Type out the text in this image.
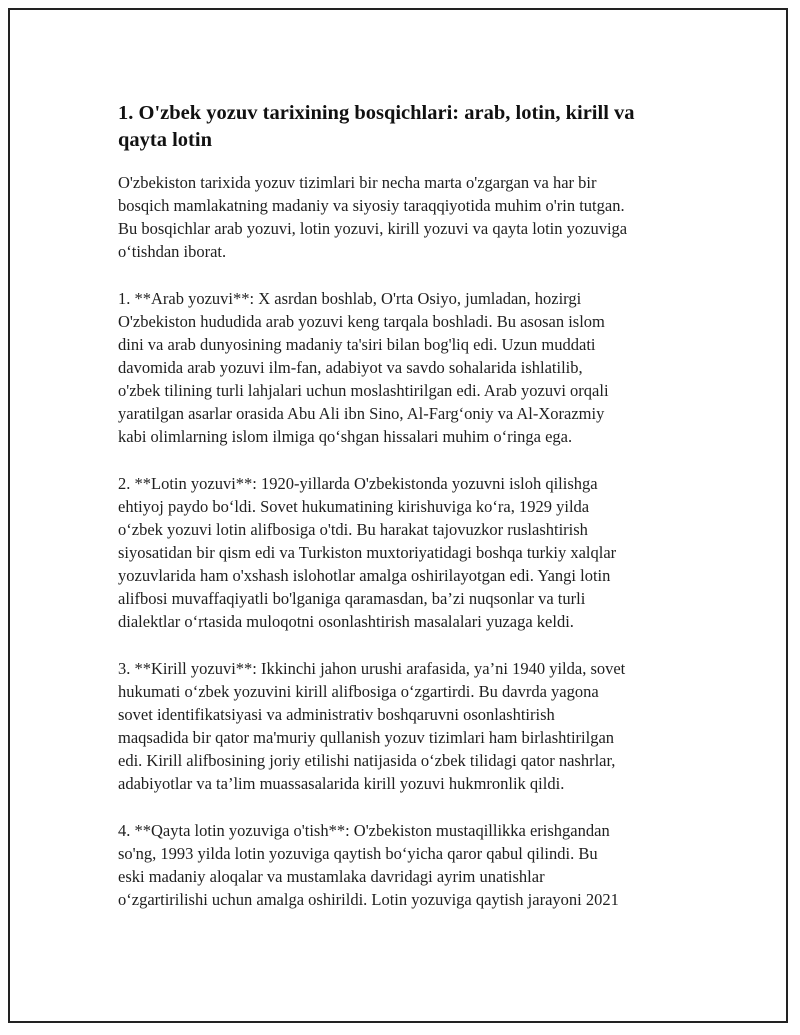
1. O'zbek yozuv tarixining bosqichlari: arab, lotin, kirill va
qayta lotin

O'zbekiston tarixida yozuv tizimlari bir necha marta o'zgargan va har bir
bosqich mamlakatning madaniy va siyosiy taraqqiyotida muhim o'rin tutgan.
Bu bosqichlar arab yozuvi, lotin yozuvi, kirill yozuvi va qayta lotin yozuviga
o‘tishdan iborat.

1. **Arab yozuvi**: X asrdan boshlab, O'rta Osiyo, jumladan, hozirgi
O'zbekiston hududida arab yozuvi keng tarqala boshladi. Bu asosan islom
dini va arab dunyosining madaniy ta'siri bilan bog'liq edi. Uzun muddati
davomida arab yozuvi ilm-fan, adabiyot va savdo sohalarida ishlatilib,
o'zbek tilining turli lahjalari uchun moslashtirilgan edi. Arab yozuvi orqali
yaratilgan asarlar orasida Abu Ali ibn Sino, Al-Farg‘oniy va Al-Xorazmiy
kabi olimlarning islom ilmiga qo‘shgan hissalari muhim o‘ringa ega.

2. **Lotin yozuvi**: 1920-yillarda O'zbekistonda yozuvni isloh qilishga
ehtiyoj paydo bo‘ldi. Sovet hukumatining kirishuviga ko‘ra, 1929 yilda
o‘zbek yozuvi lotin alifbosiga o'tdi. Bu harakat tajovuzkor ruslashtirish
siyosatidan bir qism edi va Turkiston muxtoriyatidagi boshqa turkiy xalqlar
yozuvlarida ham o'xshash islohotlar amalga oshirilayotgan edi. Yangi lotin
alifbosi muvaffaqiyatli bo'lganiga qaramasdan, ba’zi nuqsonlar va turli
dialektlar o‘rtasida muloqotni osonlashtirish masalalari yuzaga keldi.

3. **Kirill yozuvi**: Ikkinchi jahon urushi arafasida, ya’ni 1940 yilda, sovet
hukumati o‘zbek yozuvini kirill alifbosiga o‘zgartirdi. Bu davrda yagona
sovet identifikatsiyasi va administrativ boshqaruvni osonlashtirish
maqsadida bir qator ma'muriy qullanish yozuv tizimlari ham birlashtirilgan
edi. Kirill alifbosining joriy etilishi natijasida o‘zbek tilidagi qator nashrlar,
adabiyotlar va ta’lim muassasalarida kirill yozuvi hukmronlik qildi.

4. **Qayta lotin yozuviga o'tish**: O'zbekiston mustaqillikka erishgandan
so'ng, 1993 yilda lotin yozuviga qaytish bo‘yicha qaror qabul qilindi. Bu
eski madaniy aloqalar va mustamlaka davridagi ayrim unatishlar
o‘zgartirilishi uchun amalga oshirildi. Lotin yozuviga qaytish jarayoni 2021
